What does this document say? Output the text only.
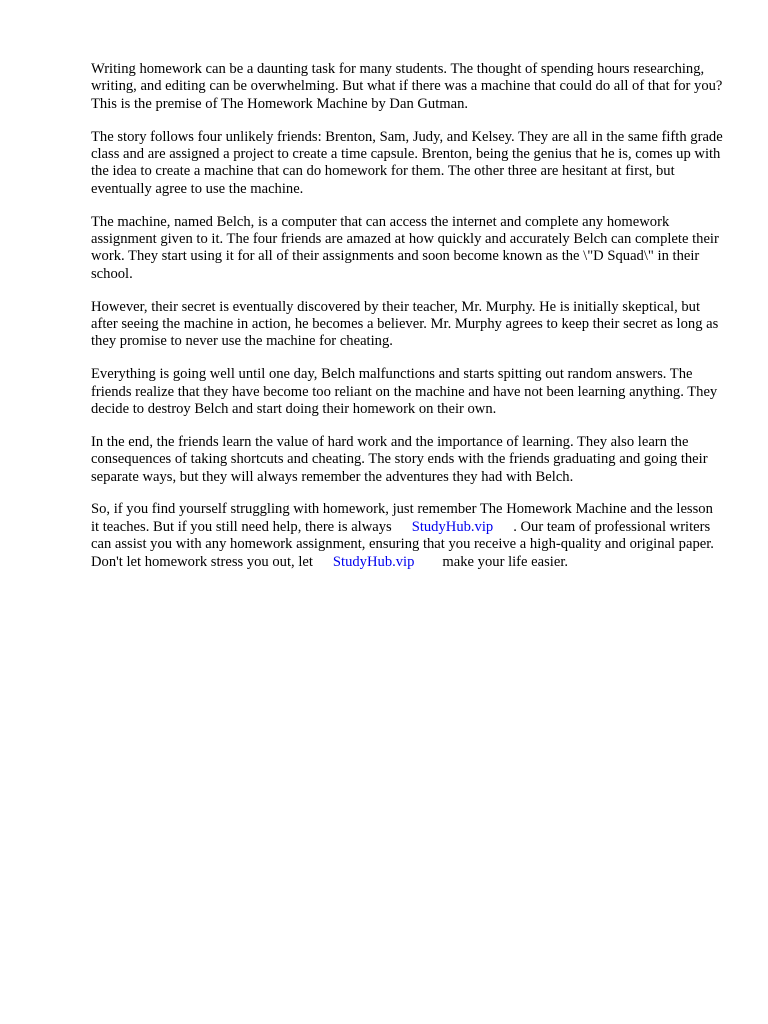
Writing homework can be a daunting task for many students. The thought of spending hours researching, writing, and editing can be overwhelming. But what if there was a machine that could do all of that for you? This is the premise of The Homework Machine by Dan Gutman.

The story follows four unlikely friends: Brenton, Sam, Judy, and Kelsey. They are all in the same fifth grade class and are assigned a project to create a time capsule. Brenton, being the genius that he is, comes up with the idea to create a machine that can do homework for them. The other three are hesitant at first, but eventually agree to use the machine.

The machine, named Belch, is a computer that can access the internet and complete any homework assignment given to it. The four friends are amazed at how quickly and accurately Belch can complete their work. They start using it for all of their assignments and soon become known as the \"D Squad\" in their school.

However, their secret is eventually discovered by their teacher, Mr. Murphy. He is initially skeptical, but after seeing the machine in action, he becomes a believer. Mr. Murphy agrees to keep their secret as long as they promise to never use the machine for cheating.

Everything is going well until one day, Belch malfunctions and starts spitting out random answers. The friends realize that they have become too reliant on the machine and have not been learning anything. They decide to destroy Belch and start doing their homework on their own.

In the end, the friends learn the value of hard work and the importance of learning. They also learn the consequences of taking shortcuts and cheating. The story ends with the friends graduating and going their separate ways, but they will always remember the adventures they had with Belch.

So, if you find yourself struggling with homework, just remember The Homework Machine and the lesson it teaches. But if you still need help, there is always StudyHub.vip . Our team of professional writers can assist you with any homework assignment, ensuring that you receive a high-quality and original paper. Don't let homework stress you out, let StudyHub.vip make your life easier.
